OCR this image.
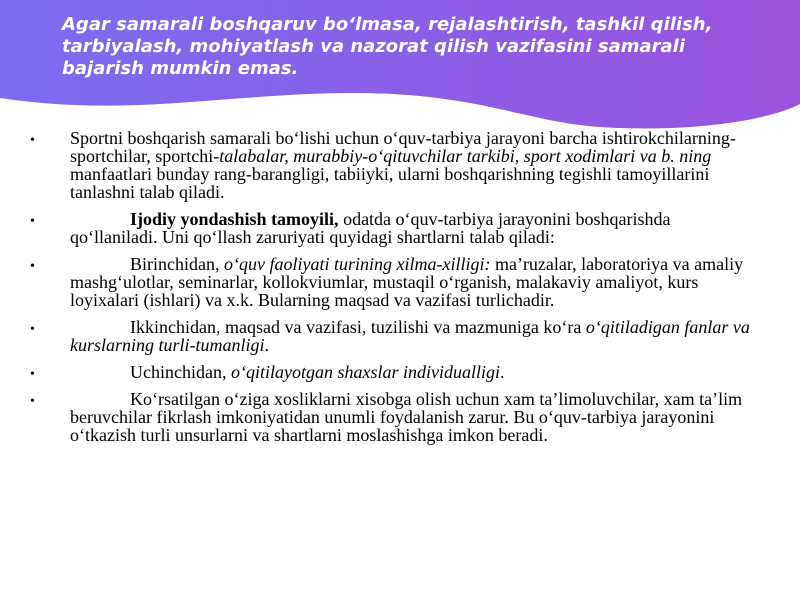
Agar samarali boshqaruv bo‘lmasa, rejalashtirish, tashkil qilish, tarbiyalash, mohiyatlash va nazorat qilish vazifasini samarali bajarish mumkin emas.

• Sportni boshqarish samarali bo‘lishi uchun o‘quv-tarbiya jarayoni barcha ishtirokchilarning-sportchilar, sportchi-talabalar, murabbiy-o‘qituvchilar tarkibi, sport xodimlari va b. ning manfaatlari bunday rang-barangligi, tabiiyki, ularni boshqarishning tegishli tamoyillarini tanlashni talab qiladi.
•	Ijodiy yondashish tamoyili, odatda o‘quv-tarbiya jarayonini boshqarishda qo‘llaniladi. Uni qo‘llash zaruriyati quyidagi shartlarni talab qiladi:
•	Birinchidan, o‘quv faoliyati turining xilma-xilligi: ma’ruzalar, laboratoriya va amaliy mashg‘ulotlar, seminarlar, kollokviumlar, mustaqil o‘rganish, malakaviy amaliyot, kurs loyixalari (ishlari) va x.k. Bularning maqsad va vazifasi turlichadir.
•	Ikkinchidan, maqsad va vazifasi, tuzilishi va mazmuniga ko‘ra o‘qitiladigan fanlar va kurslarning turli-tumanligi.
•	Uchinchidan, o‘qitilayotgan shaxslar individualligi.
•	Ko‘rsatilgan o‘ziga xosliklarni xisobga olish uchun xam ta’limoluvchilar, xam ta’lim beruvchilar fikrlash imkoniyatidan unumli foydalanish zarur. Bu o‘quv-tarbiya jarayonini o‘tkazish turli unsurlarni va shartlarni moslashishga imkon beradi.
